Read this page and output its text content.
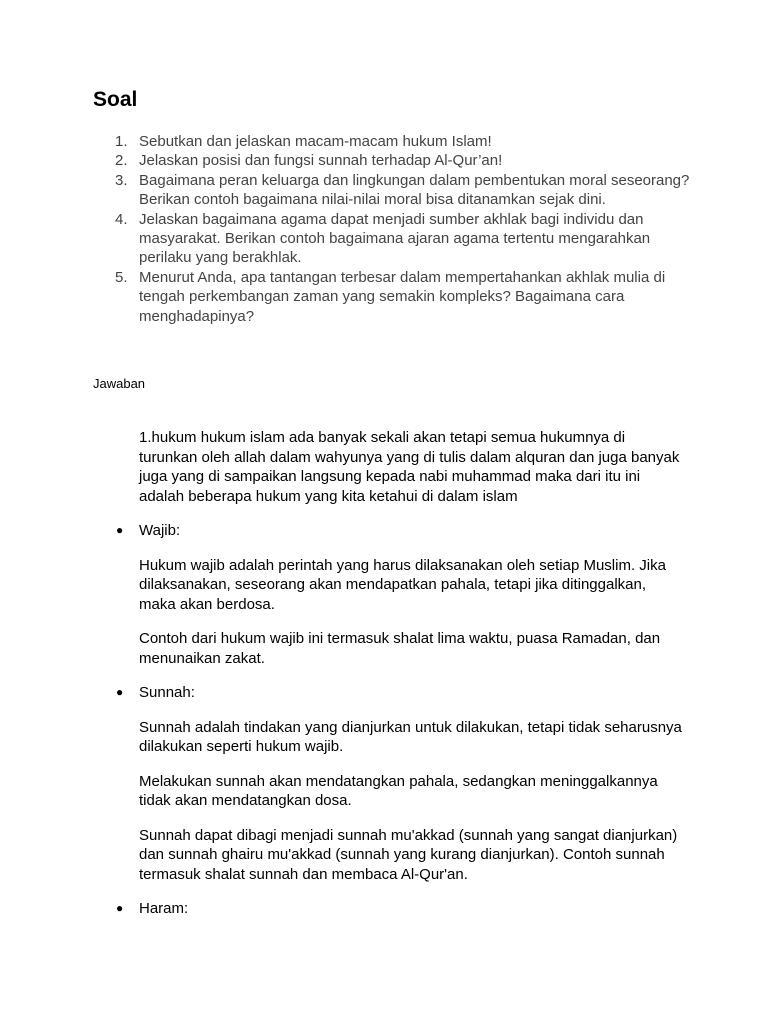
Soal
1. Sebutkan dan jelaskan macam-macam hukum Islam!
2. Jelaskan posisi dan fungsi sunnah terhadap Al-Qur’an!
3. Bagaimana peran keluarga dan lingkungan dalam pembentukan moral seseorang? Berikan contoh bagaimana nilai-nilai moral bisa ditanamkan sejak dini.
4. Jelaskan bagaimana agama dapat menjadi sumber akhlak bagi individu dan masyarakat. Berikan contoh bagaimana ajaran agama tertentu mengarahkan perilaku yang berakhlak.
5. Menurut Anda, apa tantangan terbesar dalam mempertahankan akhlak mulia di tengah perkembangan zaman yang semakin kompleks? Bagaimana cara menghadapinya?
Jawaban

1.hukum hukum islam ada banyak sekali akan tetapi semua hukumnya di turunkan oleh allah dalam wahyunya yang di tulis dalam alquran dan juga banyak juga yang di sampaikan langsung kepada nabi muhammad maka dari itu ini adalah beberapa hukum yang kita ketahui di dalam islam

● Wajib:

Hukum wajib adalah perintah yang harus dilaksanakan oleh setiap Muslim. Jika dilaksanakan, seseorang akan mendapatkan pahala, tetapi jika ditinggalkan, maka akan berdosa.

Contoh dari hukum wajib ini termasuk shalat lima waktu, puasa Ramadan, dan menunaikan zakat.

● Sunnah:

Sunnah adalah tindakan yang dianjurkan untuk dilakukan, tetapi tidak seharusnya dilakukan seperti hukum wajib.

Melakukan sunnah akan mendatangkan pahala, sedangkan meninggalkannya tidak akan mendatangkan dosa.

Sunnah dapat dibagi menjadi sunnah mu'akkad (sunnah yang sangat dianjurkan) dan sunnah ghairu mu'akkad (sunnah yang kurang dianjurkan). Contoh sunnah termasuk shalat sunnah dan membaca Al-Qur'an.

● Haram:
